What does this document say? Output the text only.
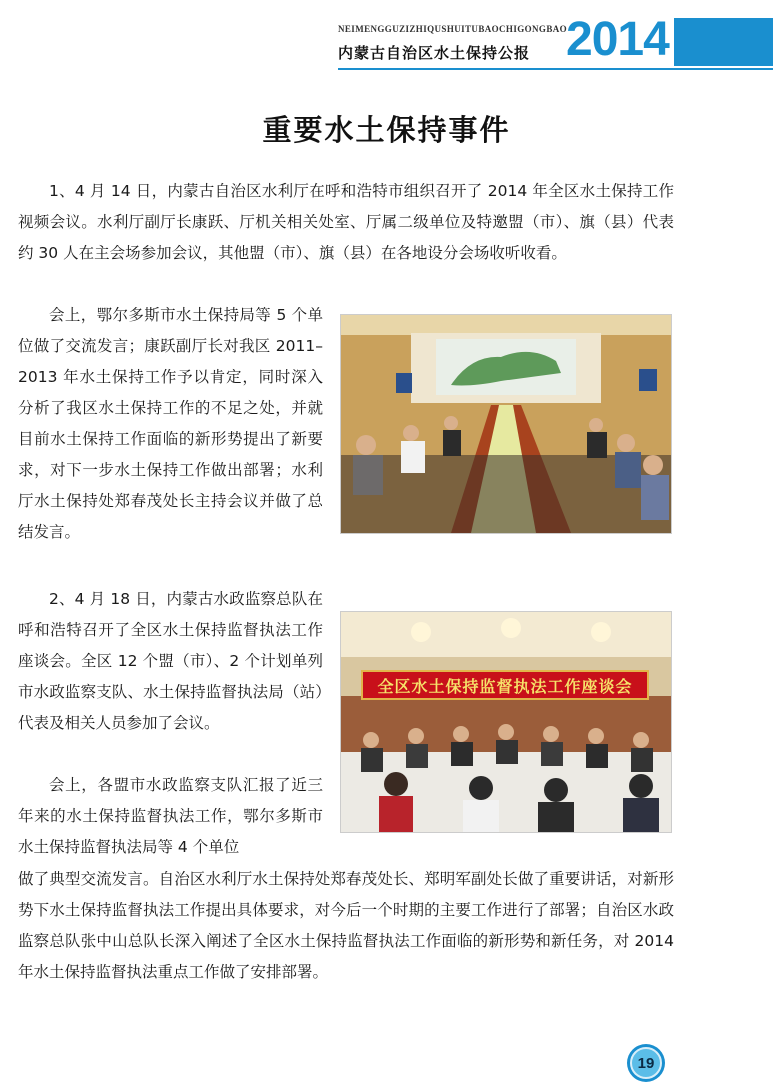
NEIMENGGUZIZHIQUSHUITUBAOCHIGONGBAO
内蒙古自治区水土保持公报 2014
重要水土保持事件

1、4 月 14 日，内蒙古自治区水利厅在呼和浩特市组织召开了 2014 年全区水土保持工作视频会议。水利厅副厅长康跃、厅机关相关处室、厅属二级单位及特邀盟（市）、旗（县）代表约 30 人在主会场参加会议，其他盟（市）、旗（县）在各地设分会场收听收看。

会上，鄂尔多斯市水土保持局等 5 个单位做了交流发言；康跃副厅长对我区 2011–2013 年水土保持工作予以肯定，同时深入分析了我区水土保持工作的不足之处，并就目前水土保持工作面临的新形势提出了新要求，对下一步水土保持工作做出部署；水利厅水土保持处郑春茂处长主持会议并做了总结发言。

2、4 月 18 日，内蒙古水政监察总队在呼和浩特召开了全区水土保持监督执法工作座谈会。全区 12 个盟（市）、2 个计划单列市水政监察支队、水土保持监督执法局（站）代表及相关人员参加了会议。

会上，各盟市水政监察支队汇报了近三年来的水土保持监督执法工作，鄂尔多斯市水土保持监督执法局等 4 个单位

全区水土保持监督执法工作座谈会

做了典型交流发言。自治区水利厅水土保持处郑春茂处长、郑明军副处长做了重要讲话，对新形势下水土保持监督执法工作提出具体要求，对今后一个时期的主要工作进行了部署；自治区水政监察总队张中山总队长深入阐述了全区水土保持监督执法工作面临的新形势和新任务，对 2014 年水土保持监督执法重点工作做了安排部署。

19
